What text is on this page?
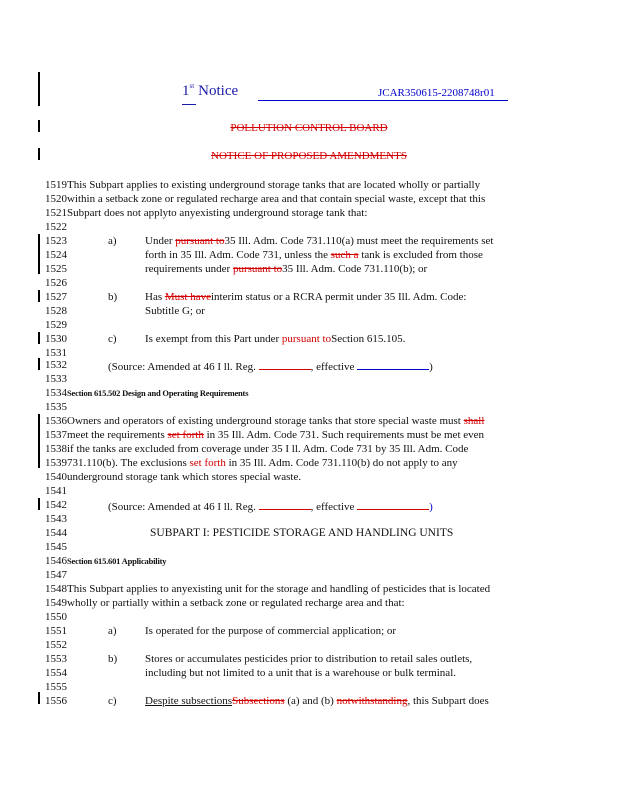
1st Notice	JCAR350615-2208748r01
POLLUTION CONTROL BOARD
NOTICE OF PROPOSED AMENDMENTS
1519This Subpart applies to existing underground storage tanks that are located wholly or partially
1520within a setback zone or regulated recharge area and that contain special waste, except that this
1521Subpart does not applyto anyexisting underground storage tank that:
1522
1523	a)	Under pursuant to35 Ill. Adm. Code 731.110(a) must meet the requirements set
1524	forth in 35 Ill. Adm. Code 731, unless the such a tank is excluded from those
1525	requirements under pursuant to35 Ill. Adm. Code 731.110(b); or
1526
1527	b)	Has Must haveinterim status or a RCRA permit under 35 Ill. Adm. Code:
1528	Subtitle G; or
1529
1530	c)	Is exempt from this Part under pursuant toSection 615.105.
1531
1532	(Source: Amended at 46 I ll. Reg.	, effective	)
1533
1534Section 615.502 Design and Operating Requirements
1535
1536Owners and operators of existing underground storage tanks that store special waste must shall
1537meet the requirements set forth in 35 Ill. Adm. Code 731. Such requirements must be met even
1538if the tanks are excluded from coverage under 35 I ll. Adm. Code 731 by 35 Ill. Adm. Code
1539731.110(b). The exclusions set forth in 35 Ill. Adm. Code 731.110(b) do not apply to any
1540underground storage tank which stores special waste.
1541
1542	(Source: Amended at 46 I ll. Reg.	, effective	)
1543
1544	SUBPART I: PESTICIDE STORAGE AND HANDLING UNITS
1545
1546Section 615.601 Applicability
1547
1548This Subpart applies to anyexisting unit for the storage and handling of pesticides that is located
1549wholly or partially within a setback zone or regulated recharge area and that:
1550
1551	a)	Is operated for the purpose of commercial application; or
1552
1553	b)	Stores or accumulates pesticides prior to distribution to retail sales outlets,
1554	including but not limited to a unit that is a warehouse or bulk terminal.
1555
1556	c)	Despite subsectionsSubsections (a) and (b) notwithstanding, this Subpart does
